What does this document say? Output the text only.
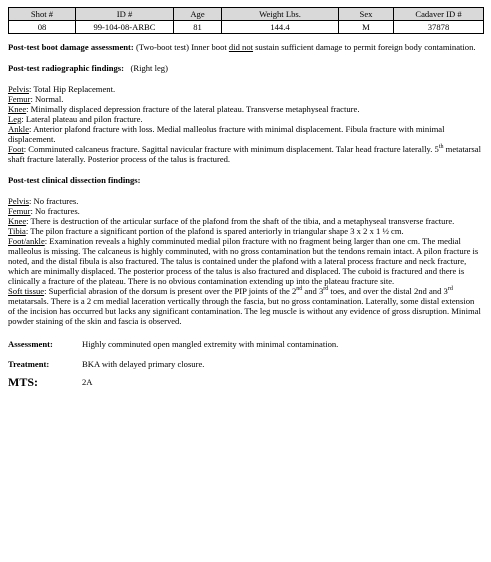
Shot #	ID #	Age	Weight Lbs.	Sex	Cadaver ID #
08	99-104-08-ARBC	81	144.4	M	37878

Post-test boot damage assessment: (Two-boot test) Inner boot did not sustain sufficient damage to permit foreign body contamination.

Post-test radiographic findings: (Right leg)

Pelvis: Total Hip Replacement.

Femur: Normal.

Knee: Minimally displaced depression fracture of the lateral plateau. Transverse metaphyseal fracture.

Leg: Lateral plateau and pilon fracture.

Ankle: Anterior plafond fracture with loss. Medial malleolus fracture with minimal displacement. Fibula fracture with minimal displacement.

Foot: Comminuted calcaneus fracture. Sagittal navicular fracture with minimum displacement. Talar head fracture laterally. 5th metatarsal shaft fracture laterally. Posterior process of the talus is fractured.

Post-test clinical dissection findings:

Pelvis: No fractures.

Femur: No fractures.

Knee: There is destruction of the articular surface of the plafond from the shaft of the tibia, and a metaphyseal transverse fracture.

Tibia: The pilon fracture a significant portion of the plafond is spared anteriorly in triangular shape 3 x 2 x 1 ½ cm.

Foot/ankle: Examination reveals a highly comminuted medial pilon fracture with no fragment being larger than one cm. The medial malleolus is missing. The calcaneus is highly comminuted, with no gross contamination but the tendons remain intact. A pilon fracture is noted, and the distal fibula is also fractured. The talus is contained under the plafond with a lateral process fracture and neck fracture, which are minimally displaced. The posterior process of the talus is also fractured and displaced. The cuboid is fractured and there is clinically a fracture of the plateau. There is no obvious contamination extending up into the plateau fracture site.

Soft tissue: Superficial abrasion of the dorsum is present over the PIP joints of the 2nd and 3rd toes, and over the distal 2nd and 3rd metatarsals. There is a 2 cm medial laceration vertically through the fascia, but no gross contamination. Laterally, some distal extension of the incision has occurred but lacks any significant contamination. The leg muscle is without any evidence of gross disruption. Minimal powder staining of the skin and fascia is observed.

Assessment:	Highly comminuted open mangled extremity with minimal contamination.
Treatment:	BKA with delayed primary closure.
MTS:	2A
